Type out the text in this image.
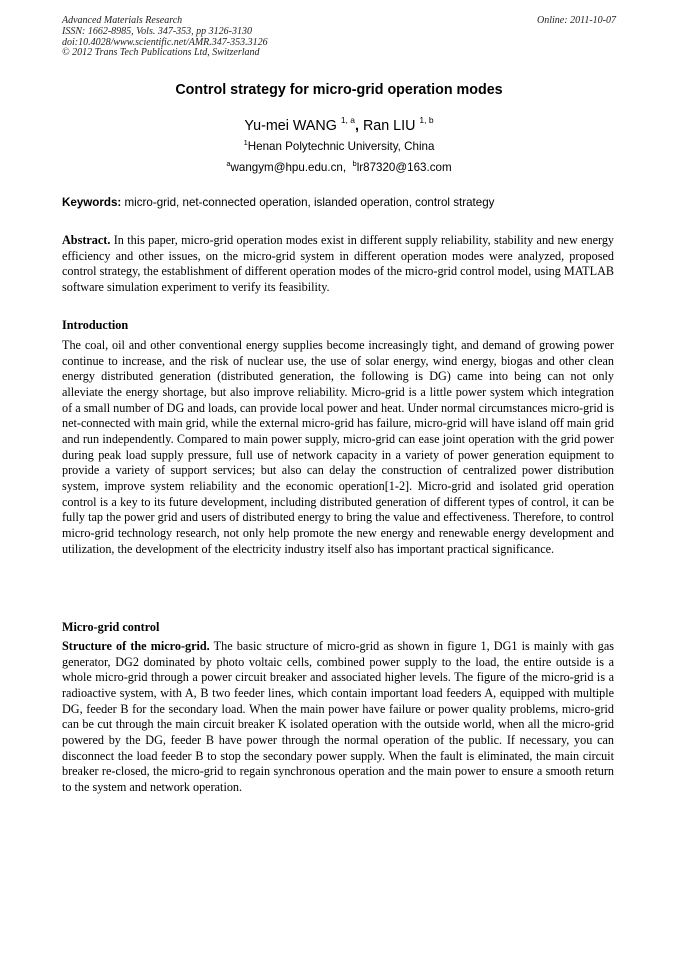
Advanced Materials Research
ISSN: 1662-8985, Vols. 347-353, pp 3126-3130
doi:10.4028/www.scientific.net/AMR.347-353.3126
© 2012 Trans Tech Publications Ltd, Switzerland
Online: 2011-10-07
Control strategy for micro-grid operation modes
Yu-mei WANG $^{1, a}$, Ran LIU $^{1, b}$
$^1$Henan Polytechnic University, China
$^a$wangym@hpu.edu.cn, $^b$lr87320@163.com
Keywords: micro-grid, net-connected operation, islanded operation, control strategy

Abstract. In this paper, micro-grid operation modes exist in different supply reliability, stability and new energy efficiency and other issues, on the micro-grid system in different operation modes were analyzed, proposed control strategy, the establishment of different operation modes of the micro-grid control model, using MATLAB software simulation experiment to verify its feasibility.

Introduction

The coal, oil and other conventional energy supplies become increasingly tight, and demand of growing power continue to increase, and the risk of nuclear use, the use of solar energy, wind energy, biogas and other clean energy distributed generation (distributed generation, the following is DG) came into being can not only alleviate the energy shortage, but also improve reliability. Micro-grid is a little power system which integration of a small number of DG and loads, can provide local power and heat. Under normal circumstances micro-grid is net-connected with main grid, while the external micro-grid has failure, micro-grid will have island off main grid and run independently. Compared to main power supply, micro-grid can ease joint operation with the grid power during peak load supply pressure, full use of network capacity in a variety of power generation equipment to provide a variety of support services; but also can delay the construction of centralized power distribution system, improve system reliability and the economic operation[1-2]. Micro-grid and isolated grid operation control is a key to its future development, including distributed generation of different types of control, it can be fully tap the power grid and users of distributed energy to bring the value and effectiveness. Therefore, to control micro-grid technology research, not only help promote the new energy and renewable energy development and utilization, the development of the electricity industry itself also has important practical significance.

Micro-grid control

Structure of the micro-grid. The basic structure of micro-grid as shown in figure 1, DG1 is mainly with gas generator, DG2 dominated by photo voltaic cells, combined power supply to the load, the entire outside is a whole micro-grid through a power circuit breaker and associated higher levels. The figure of the micro-grid is a radioactive system, with A, B two feeder lines, which contain important load feeders A, equipped with multiple DG, feeder B for the secondary load. When the main power have failure or power quality problems, micro-grid can be cut through the main circuit breaker K isolated operation with the outside world, when all the micro-grid powered by the DG, feeder B have power through the normal operation of the public. If necessary, you can disconnect the load feeder B to stop the secondary power supply. When the fault is eliminated, the main circuit breaker re-closed, the micro-grid to regain synchronous operation and the main power to ensure a smooth return to the system and network operation.
